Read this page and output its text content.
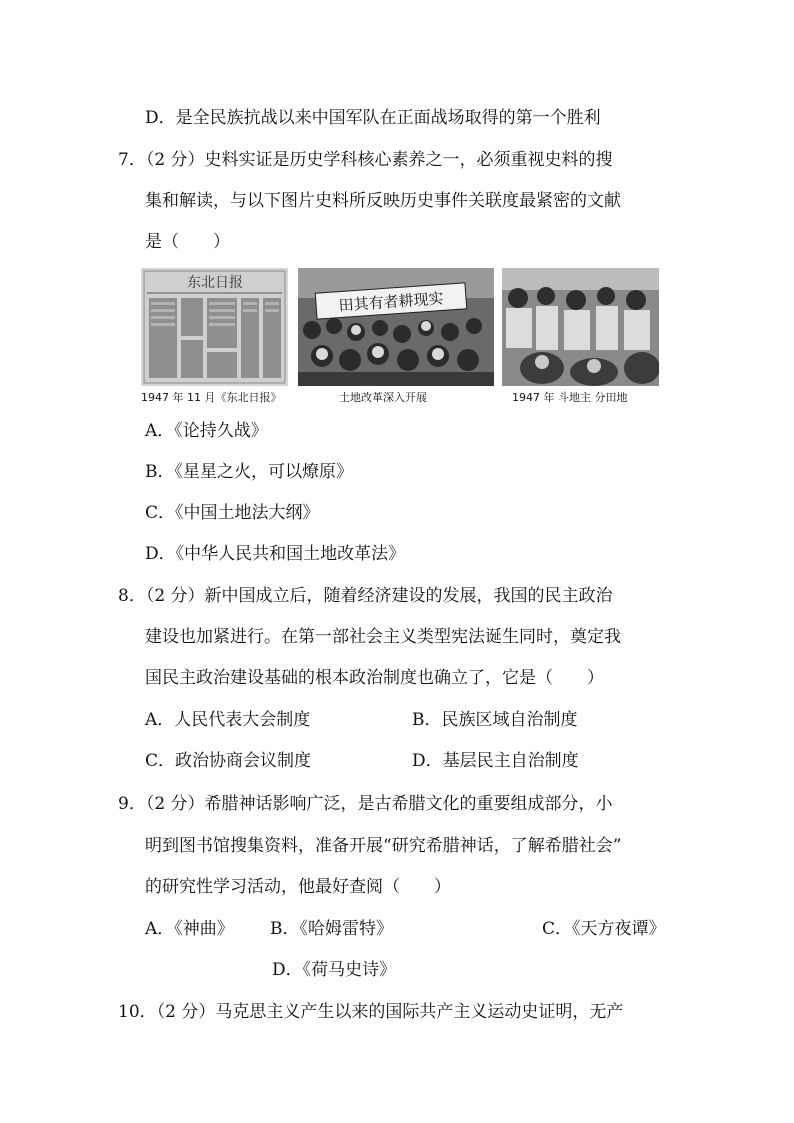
D．是全民族抗战以来中国军队在正面战场取得的第一个胜利
7．（2 分）史料实证是历史学科核心素养之一，必须重视史料的搜
集和解读，与以下图片史料所反映历史事件关联度最紧密的文献
是（　　）
东北日报
1947 年 11 月《东北日报》
田其有者耕现实
土地改革深入开展	1947 年 斗地主 分田地
A．《论持久战》
B．《星星之火，可以燎原》
C．《中国土地法大纲》
D．《中华人民共和国土地改革法》
8．（2 分）新中国成立后，随着经济建设的发展，我国的民主政治
建设也加紧进行。在第一部社会主义类型宪法诞生同时，奠定我
国民主政治建设基础的根本政治制度也确立了，它是（　　）
A．人民代表大会制度	B．民族区域自治制度
C．政治协商会议制度	D．基层民主自治制度
9．（2 分）希腊神话影响广泛，是古希腊文化的重要组成部分，小
明到图书馆搜集资料，准备开展“研究希腊神话，了解希腊社会”
的研究性学习活动，他最好查阅（　　）
A．《神曲》 B．《哈姆雷特》	C．《天方夜谭》
D．《荷马史诗》
10．（2 分）马克思主义产生以来的国际共产主义运动史证明，无产
